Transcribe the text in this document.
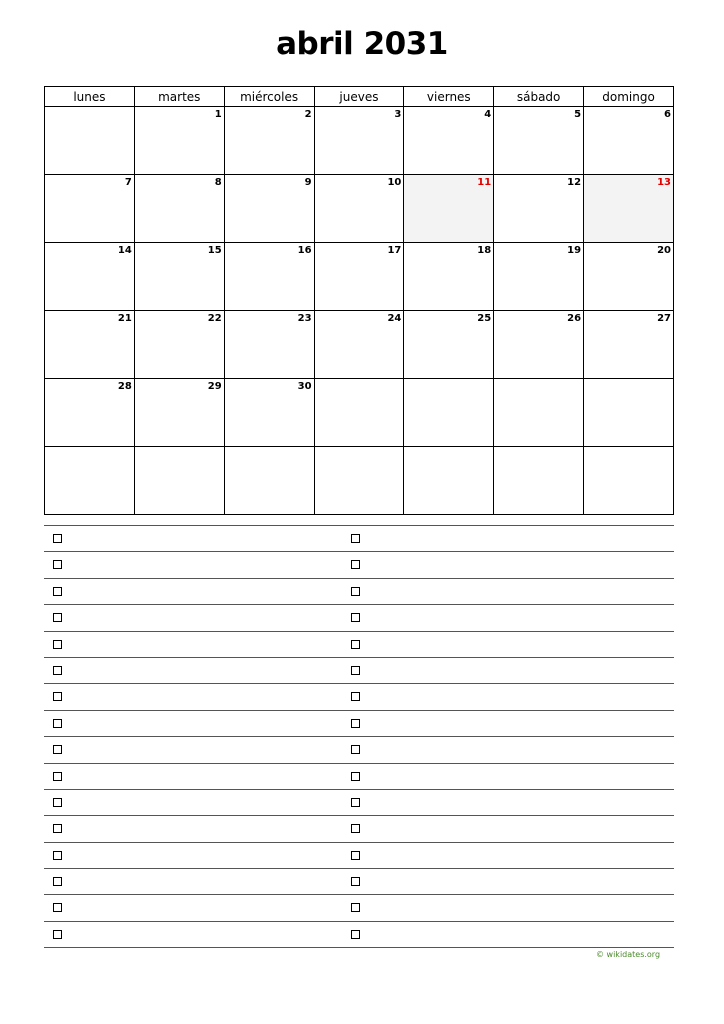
abril 2031
lunes	martes	miércoles	jueves	viernes	sábado	domingo

	1	2	3	4	5	6

7	8	9	10	11	12	13

14	15	16	17	18	19	20

21	22	23	24	25	26	27

28	29	30				

© wikidates.org
